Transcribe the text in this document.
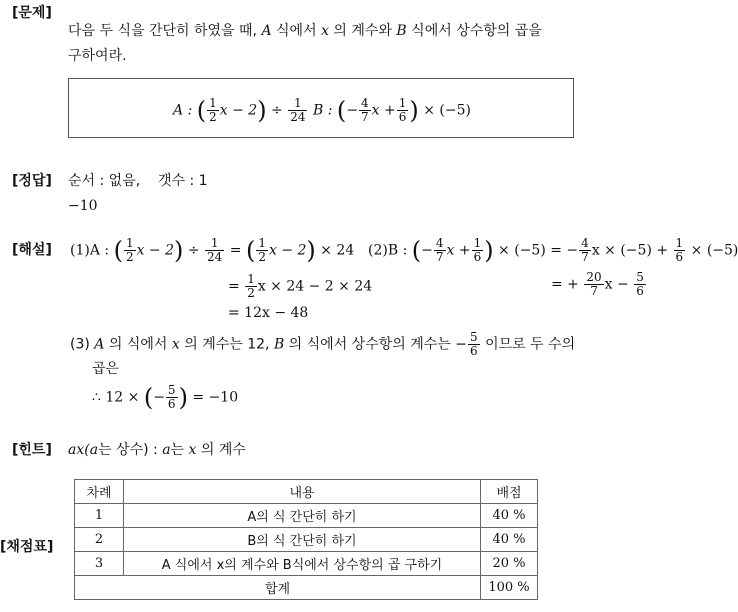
[문제]
[정답]
[해설]
[힌트]
[채점표]
다음 두 식을 간단히 하였을 때, A 식에서 x 의 계수와 B 식에서 상수항의 곱을
구하여라.
A : ( $\frac{1}{2}$ $x - 2) \div \frac{1}{24}$ B : (− $\frac{4}{7}$ $x + \frac{1}{6}$ ) × (−5)
순서 : 없음, 갯수 : 1
−10
(1)A : ( $\frac{1}{2}$ $x - 2) \div \frac{1}{24}$ = ( $\frac{1}{2}$ x − 2) × 24
= $\frac{1}{2}$ x × 24 − 2 × 24
= 12x − 48
(2)B : (− $\frac{4}{7}$ $x + \frac{1}{6}$ ) × (−5) = − $\frac{4}{7}$ $x \times (-5) + \frac{1}{6} \times (-5)$
= + $\frac{20}{7}$ $x - \frac{5}{6}$
(3) A 의 식에서 x 의 계수는 12, B 의 식에서 상수항의 계수는 − $\frac{5}{6}$ 이므로 두 수의
곱은
∴ 12 × (− $\frac{5}{6}$ ) = −10
ax(a는 상수) : a는 x 의 계수
차례	내용	배점
1	A의 식 간단히 하기	40 %
2	B의 식 간단히 하기	40 %
3	A 식에서 x의 계수와 B식에서 상수항의 곱 구하기	20 %
합계		100 %
